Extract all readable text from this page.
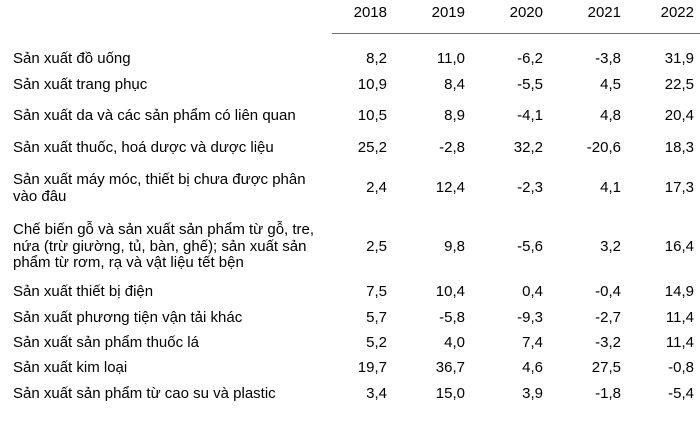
	2018	2019	2020	2021	2022
Sản xuất đồ uống	8,2	11,0	-6,2	-3,8	31,9
Sản xuất trang phục	10,9	8,4	-5,5	4,5	22,5
Sản xuất da và các sản phẩm có liên quan	10,5	8,9	-4,1	4,8	20,4
Sản xuất thuốc, hoá dược và dược liệu	25,2	-2,8	32,2	-20,6	18,3
Sản xuất máy móc, thiết bị chưa được phân vào đâu	2,4	12,4	-2,3	4,1	17,3
Chế biến gỗ và sản xuất sản phẩm từ gỗ, tre, nứa (trừ giường, tủ, bàn, ghế); sản xuất sản phẩm từ rơm, rạ và vật liệu tết bện	2,5	9,8	-5,6	3,2	16,4
Sản xuất thiết bị điện	7,5	10,4	0,4	-0,4	14,9
Sản xuất phương tiện vận tải khác	5,7	-5,8	-9,3	-2,7	11,4
Sản xuất sản phẩm thuốc lá	5,2	4,0	7,4	-3,2	11,4
Sản xuất kim loại	19,7	36,7	4,6	27,5	-0,8
Sản xuất sản phẩm từ cao su và plastic	3,4	15,0	3,9	-1,8	-5,4
